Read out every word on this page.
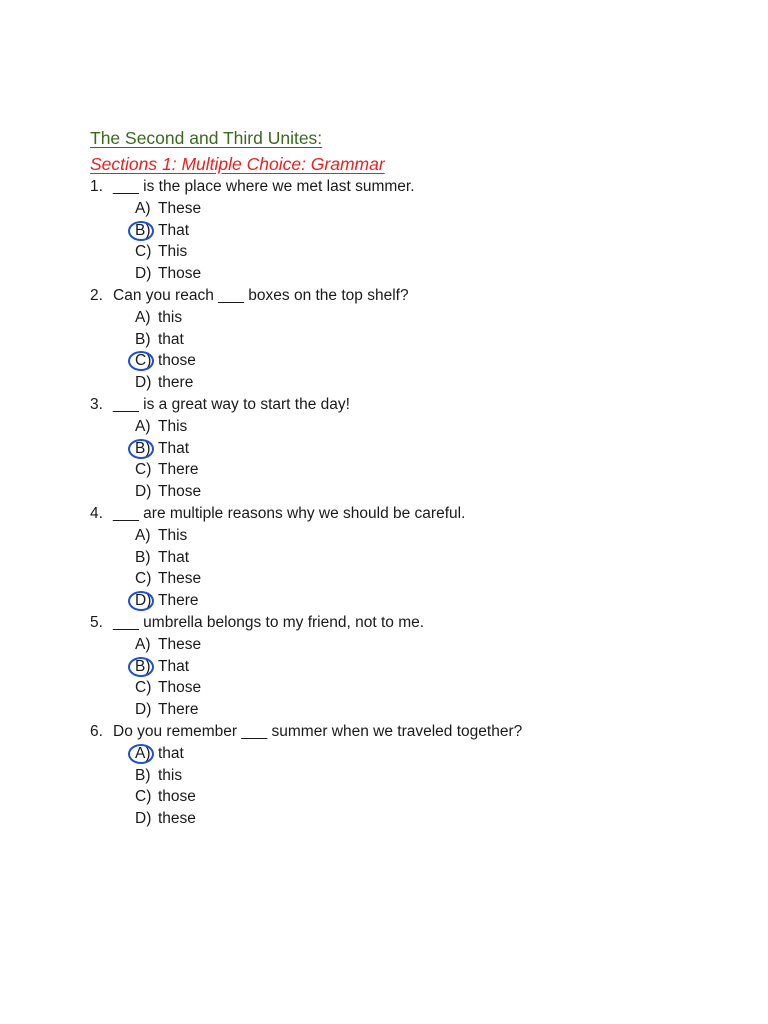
The Second and Third Unites:
Sections 1: Multiple Choice: Grammar
1. ___ is the place where we met last summer.
A) These
B) That
C) This
D) Those
2. Can you reach ___ boxes on the top shelf?
A) this
B) that
C) those
D) there
3. ___ is a great way to start the day!
A) This
B) That
C) There
D) Those
4. ___ are multiple reasons why we should be careful.
A) This
B) That
C) These
D) There
5. ___ umbrella belongs to my friend, not to me.
A) These
B) That
C) Those
D) There
6. Do you remember ___ summer when we traveled together?
A) that
B) this
C) those
D) these
